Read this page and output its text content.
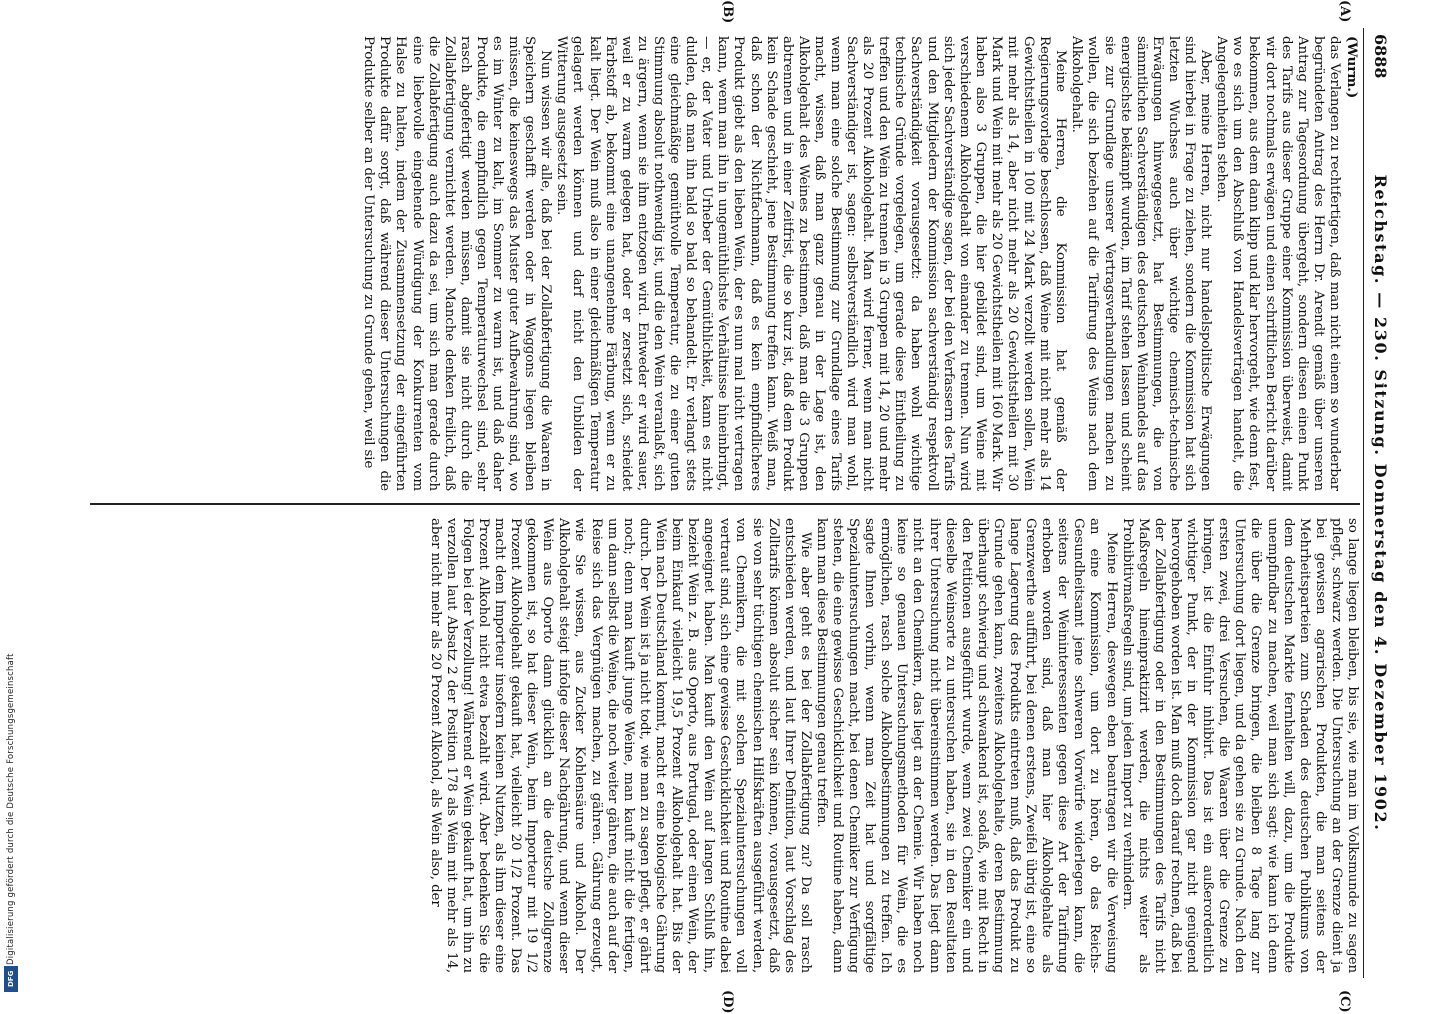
Digitalisierung gefördert durch die Deutsche Forschungsgemeinschaft
DFG
6888
Reichstag. — 230. Sitzung. Donnerstag den 4. Dezember 1902.
(A)
(B)
(C)
(D)
(Wurm.)

das Verlangen zu rechtfertigen, daß man nicht einem so wunderbar begründeten Antrag des Herrn Dr. Arendt gemäß über unseren Antrag zur Tagesordnung übergeht, sondern diesen einen Punkt des Tarifs aus dieser Gruppe einer Kommission überweist, damit wir dort nochmals erwägen und einen schriftlichen Bericht darüber bekommen, aus dem dann klipp und klar hervorgeht, wie denn fest, wo es sich um den Abschluß von Handelsverträgen handelt, die Angelegenheiten stehen.

Aber, meine Herren, nicht nur handelspolitische Erwägungen sind hierbei in Frage zu ziehen, sondern die Kommission hat sich letzten Wuchses auch über wichtige chemisch-technische Erwägungen hinweggesetzt, hat Bestimmungen, die von sämmtlichen Sachverständigen des deutschen Weinhandels auf das energischste bekämpft wurden, im Tarif stehen lassen und scheint sie zur Grundlage unserer Vertragsverhandlungen machen zu wollen, die sich beziehen auf die Tarifirung des Weins nach dem Alkoholgehalt.

Meine Herren, die Kommission hat gemäß der Regierungsvorlage beschlossen, daß Weine mit nicht mehr als 14 Gewichtstheilen in 100 mit 24 Mark verzollt werden sollen, Wein mit mehr als 14, aber nicht mehr als 20 Gewichtstheilen mit 30 Mark und Wein mit mehr als 20 Gewichtstheilen mit 160 Mark. Wir haben also 3 Gruppen, die hier gebildet sind, um Weine mit verschiedenem Alkoholgehalt von einander zu trennen. Nun wird sich jeder Sachverständige sagen, der bei den Verfassern des Tarifs und den Mitgliedern der Kommission sachverständig respektvoll Sachverständigkeit vorausgesetzt: da haben wohl wichtige technische Gründe vorgelegen, um gerade diese Eintheilung zu treffen und den Wein zu trennen in 3 Gruppen mit 14, 20 und mehr als 20 Prozent Alkoholgehalt. Man wird ferner, wenn man nicht Sachverständiger ist, sagen: selbstverständlich wird man wohl, wenn man eine solche Bestimmung zur Grundlage eines Tarifs macht, wissen, daß man ganz genau in der Lage ist, den Alkoholgehalt des Weines zu bestimmen, daß man die 3 Gruppen abtrennen und in einer Zeitfrist, die so kurz ist, daß dem Produkt kein Schade geschieht, jene Bestimmung treffen kann. Weiß man, daß schon der Nichtfachmann, daß es kein empfindlicheres Produkt giebt als den lieben Wein, der es nun mal nicht vertragen kann, wenn man ihn in ungemüthlichste Verhältnisse hineinbringt, — er, der Vater und Urheber der Gemüthlichkeit, kann es nicht dulden, daß man ihn bald so bald so behandelt. Er verlangt stets eine gleichmäßige gemüthvolle Temperatur, die zu einer guten Stimmung absolut nothwendig ist, und die den Wein veranlaßt, sich zu ärgern, wenn sie ihm entzogen wird. Entweder er wird sauer, weil er zu warm gelegen hat, oder er zersetzt sich, scheidet Farbstoff ab, bekommt eine unangenehme Färbung, wenn er zu kalt liegt. Der Wein muß also in einer gleichmäßigen Temperatur gelagert werden können und darf nicht den Unbilden der Witterung ausgesetzt sein.

Nun wissen wir alle, daß bei der Zollabfertigung die Waaren in Speichern geschafft werden oder in Waggons liegen bleiben müssen, die keineswegs das Muster guter Aufbewahrung sind, wo es im Winter zu kalt, im Sommer zu warm ist, und daß daher Produkte, die empfindlich gegen Temperaturwechsel sind, sehr rasch abgefertigt werden müssen, damit sie nicht durch die Zollabfertigung vernichtet werden. Manche denken freilich, daß die Zollabfertigung auch dazu da sei, um sich man gerade durch eine liebevolle eingehende Würdigung der Konkurrenten vom Halse zu halten, indem der Zusammensetzung der eingeführten Produkte dafür sorgt, daß während dieser Untersuchungen die Produkte selber an der Untersuchung zu Grunde gehen, weil sie

so lange liegen bleiben, bis sie, wie man im Volksmunde zu sagen pflegt, schwarz werden. Die Untersuchung an der Grenze dient ja bei gewissen agrarischen Produkten, die man seitens der Mehrheitsparteien zum Schaden des deutschen Publikums von dem deutschen Markte fernhalten will, dazu, um die Produkte unempfindbar zu machen, weil man sich sagt: wie kann ich denn die über die Grenze bringen, die bleiben 8 Tage lang zur Untersuchung dort liegen, und da gehen sie zu Grunde. Nach den ersten zwei, drei Versuchen, die Waaren über die Grenze zu bringen, ist die Einfuhr inhibirt. Das ist ein außerordentlich wichtiger Punkt, der in der Kommission gar nicht genügend hervorgehoben worden ist. Man muß doch darauf rechnen, daß bei der Zollabfertigung oder in den Bestimmungen des Tarifs nicht Maßregeln hineinpraktizirt werden, die nichts weiter als Prohibitivmaßregeln sind, um jeden Import zu verhindern.

Meine Herren, deswegen eben beantragen wir die Verweisung an eine Kommission, um dort zu hören, ob das Reichs-Gesundheitsamt jene schweren Vorwürfe widerlegen kann, die seitens der Weininteressenten gegen diese Art der Tarifirung erhoben worden sind, daß man hier Alkoholgehalte als Grenzwerthe aufführt, bei denen erstens, Zweifel übrig ist, eine so lange Lagerung des Produkts eintreten muß, daß das Produkt zu Grunde gehen kann, zweitens Alkoholgehalte, deren Bestimmung überhaupt schwierig und schwankend ist, sodaß, wie mit Recht in den Petitionen ausgeführt wurde, wenn zwei Chemiker ein und dieselbe Weinsorte zu untersuchen haben, sie in den Resultaten ihrer Untersuchung nicht übereinstimmen werden. Das liegt dann nicht an den Chemikern, das liegt an der Chemie. Wir haben noch keine so genauen Untersuchungsmethoden für Wein, die es ermöglichen, rasch solche Alkoholbestimmungen zu treffen. Ich sagte Ihnen vorhin, wenn man Zeit hat und sorgfältige Spezialuntersuchungen macht, bei denen Chemiker zur Verfügung stehen, die eine gewisse Geschicklichkeit und Routine haben, dann kann man diese Bestimmungen genau treffen.

Wie aber geht es bei der Zollabfertigung zu? Da soll rasch entschieden werden, und laut Ihrer Definition, laut Vorschlag des Zolltarifs können absolut sicher sein können, vorausgesetzt, daß sie von sehr tüchtigen chemischen Hilfskräften ausgeführt werden, von Chemikern, die mit solchen Spezialuntersuchungen voll vertraut sind, sich eine gewisse Geschicklichkeit und Routine dabei angeeignet haben. Man kauft den Wein auf langen Schluß hin, bezieht Wein z. B. aus Oporto, aus Portugal, oder einen Wein, der beim Einkauf vielleicht 19,5 Prozent Alkoholgehalt hat. Bis der Wein nach Deutschland kommt, macht er eine biologische Gährung durch. Der Wein ist ja nicht todt, wie man zu sagen pflegt, er gährt noch; denn man kauft junge Weine, man kauft nicht die fertigen, um dann selbst die Weine, die noch weiter gähren, die auch auf der Reise sich das Vergnügen machen, zu gähren. Gährung erzeugt, wie Sie wissen, aus Zucker Kohlensäure und Alkohol. Der Alkoholgehalt steigt infolge dieser Nachgährung, und wenn dieser Wein aus Oporto dann glücklich an die deutsche Zollgrenze gekommen ist, so hat dieser Wein, beim Importeur mit 19 1/2 Prozent Alkoholgehalt gekauft hat, vielleicht 20 1/2 Prozent. Das macht dem Importeur insofern keinen Nutzen, als ihm dieser eine Prozent Alkohol nicht etwa bezahlt wird. Aber bedenken Sie die Folgen bei der Verzollung! Während er Wein gekauft hat, um ihn zu verzollen laut Absatz 2 der Position 178 als Wein mit mehr als 14, aber nicht mehr als 20 Prozent Alkohol, als Wein also, der
